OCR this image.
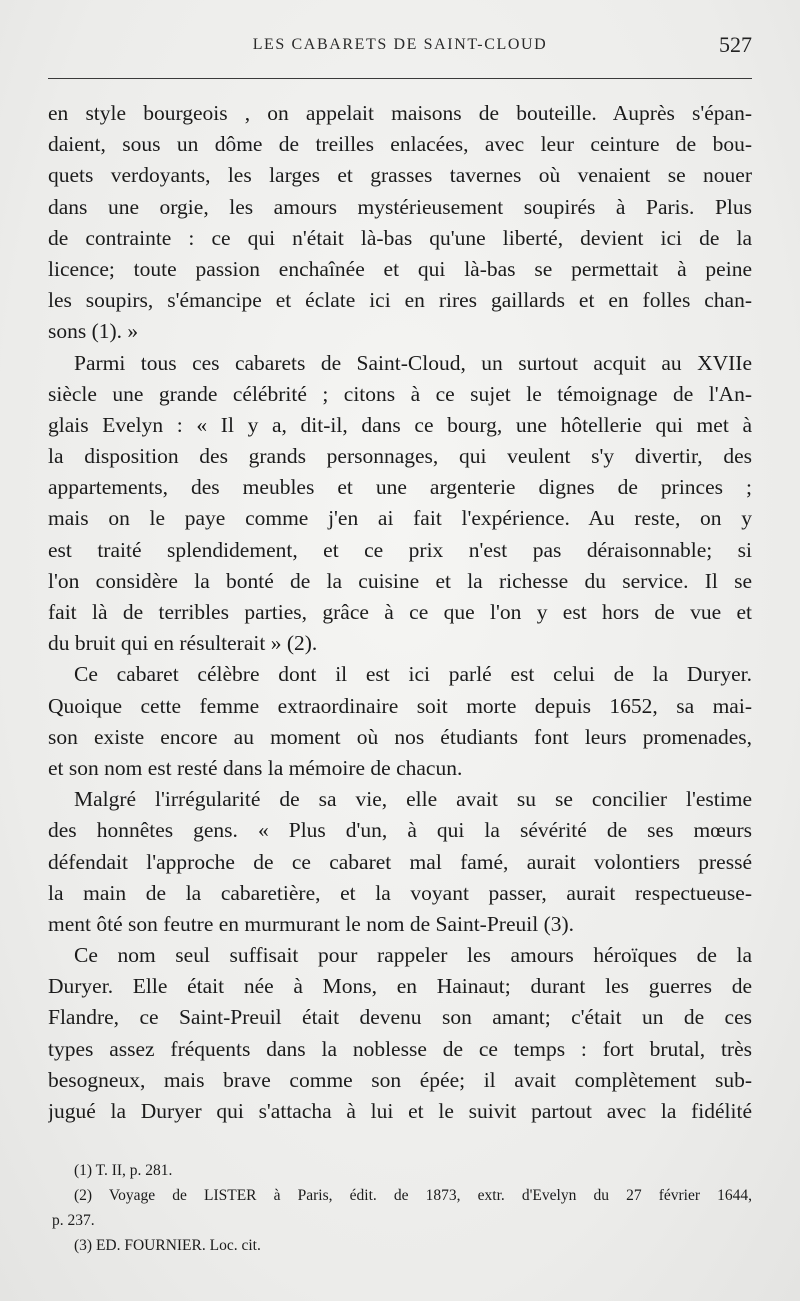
LES CABARETS DE SAINT-CLOUD	527
en style bourgeois , on appelait maisons de bouteille. Auprès s'épan-
daient, sous un dôme de treilles enlacées, avec leur ceinture de bou-
quets verdoyants, les larges et grasses tavernes où venaient se nouer
dans une orgie, les amours mystérieusement soupirés à Paris. Plus
de contrainte : ce qui n'était là-bas qu'une liberté, devient ici de la
licence; toute passion enchaînée et qui là-bas se permettait à peine
les soupirs, s'émancipe et éclate ici en rires gaillards et en folles chan-
sons (1). »
Parmi tous ces cabarets de Saint-Cloud, un surtout acquit au XVIIe
siècle une grande célébrité ; citons à ce sujet le témoignage de l'An-
glais Evelyn : « Il y a, dit-il, dans ce bourg, une hôtellerie qui met à
la disposition des grands personnages, qui veulent s'y divertir, des
appartements, des meubles et une argenterie dignes de princes ;
mais on le paye comme j'en ai fait l'expérience. Au reste, on y
est traité splendidement, et ce prix n'est pas déraisonnable; si
l'on considère la bonté de la cuisine et la richesse du service. Il se
fait là de terribles parties, grâce à ce que l'on y est hors de vue et
du bruit qui en résulterait » (2).
Ce cabaret célèbre dont il est ici parlé est celui de la Duryer.
Quoique cette femme extraordinaire soit morte depuis 1652, sa mai-
son existe encore au moment où nos étudiants font leurs promenades,
et son nom est resté dans la mémoire de chacun.
Malgré l'irrégularité de sa vie, elle avait su se concilier l'estime
des honnêtes gens. « Plus d'un, à qui la sévérité de ses mœurs
défendait l'approche de ce cabaret mal famé, aurait volontiers pressé
la main de la cabaretière, et la voyant passer, aurait respectueuse-
ment ôté son feutre en murmurant le nom de Saint-Preuil (3).
Ce nom seul suffisait pour rappeler les amours héroïques de la
Duryer. Elle était née à Mons, en Hainaut; durant les guerres de
Flandre, ce Saint-Preuil était devenu son amant; c'était un de ces
types assez fréquents dans la noblesse de ce temps : fort brutal, très
besogneux, mais brave comme son épée; il avait complètement sub-
jugué la Duryer qui s'attacha à lui et le suivit partout avec la fidélité
(1) T. II, p. 281.
(2) Voyage de LISTER à Paris, édit. de 1873, extr. d'Evelyn du 27 février 1644,
p. 237.
(3) ED. FOURNIER. Loc. cit.
